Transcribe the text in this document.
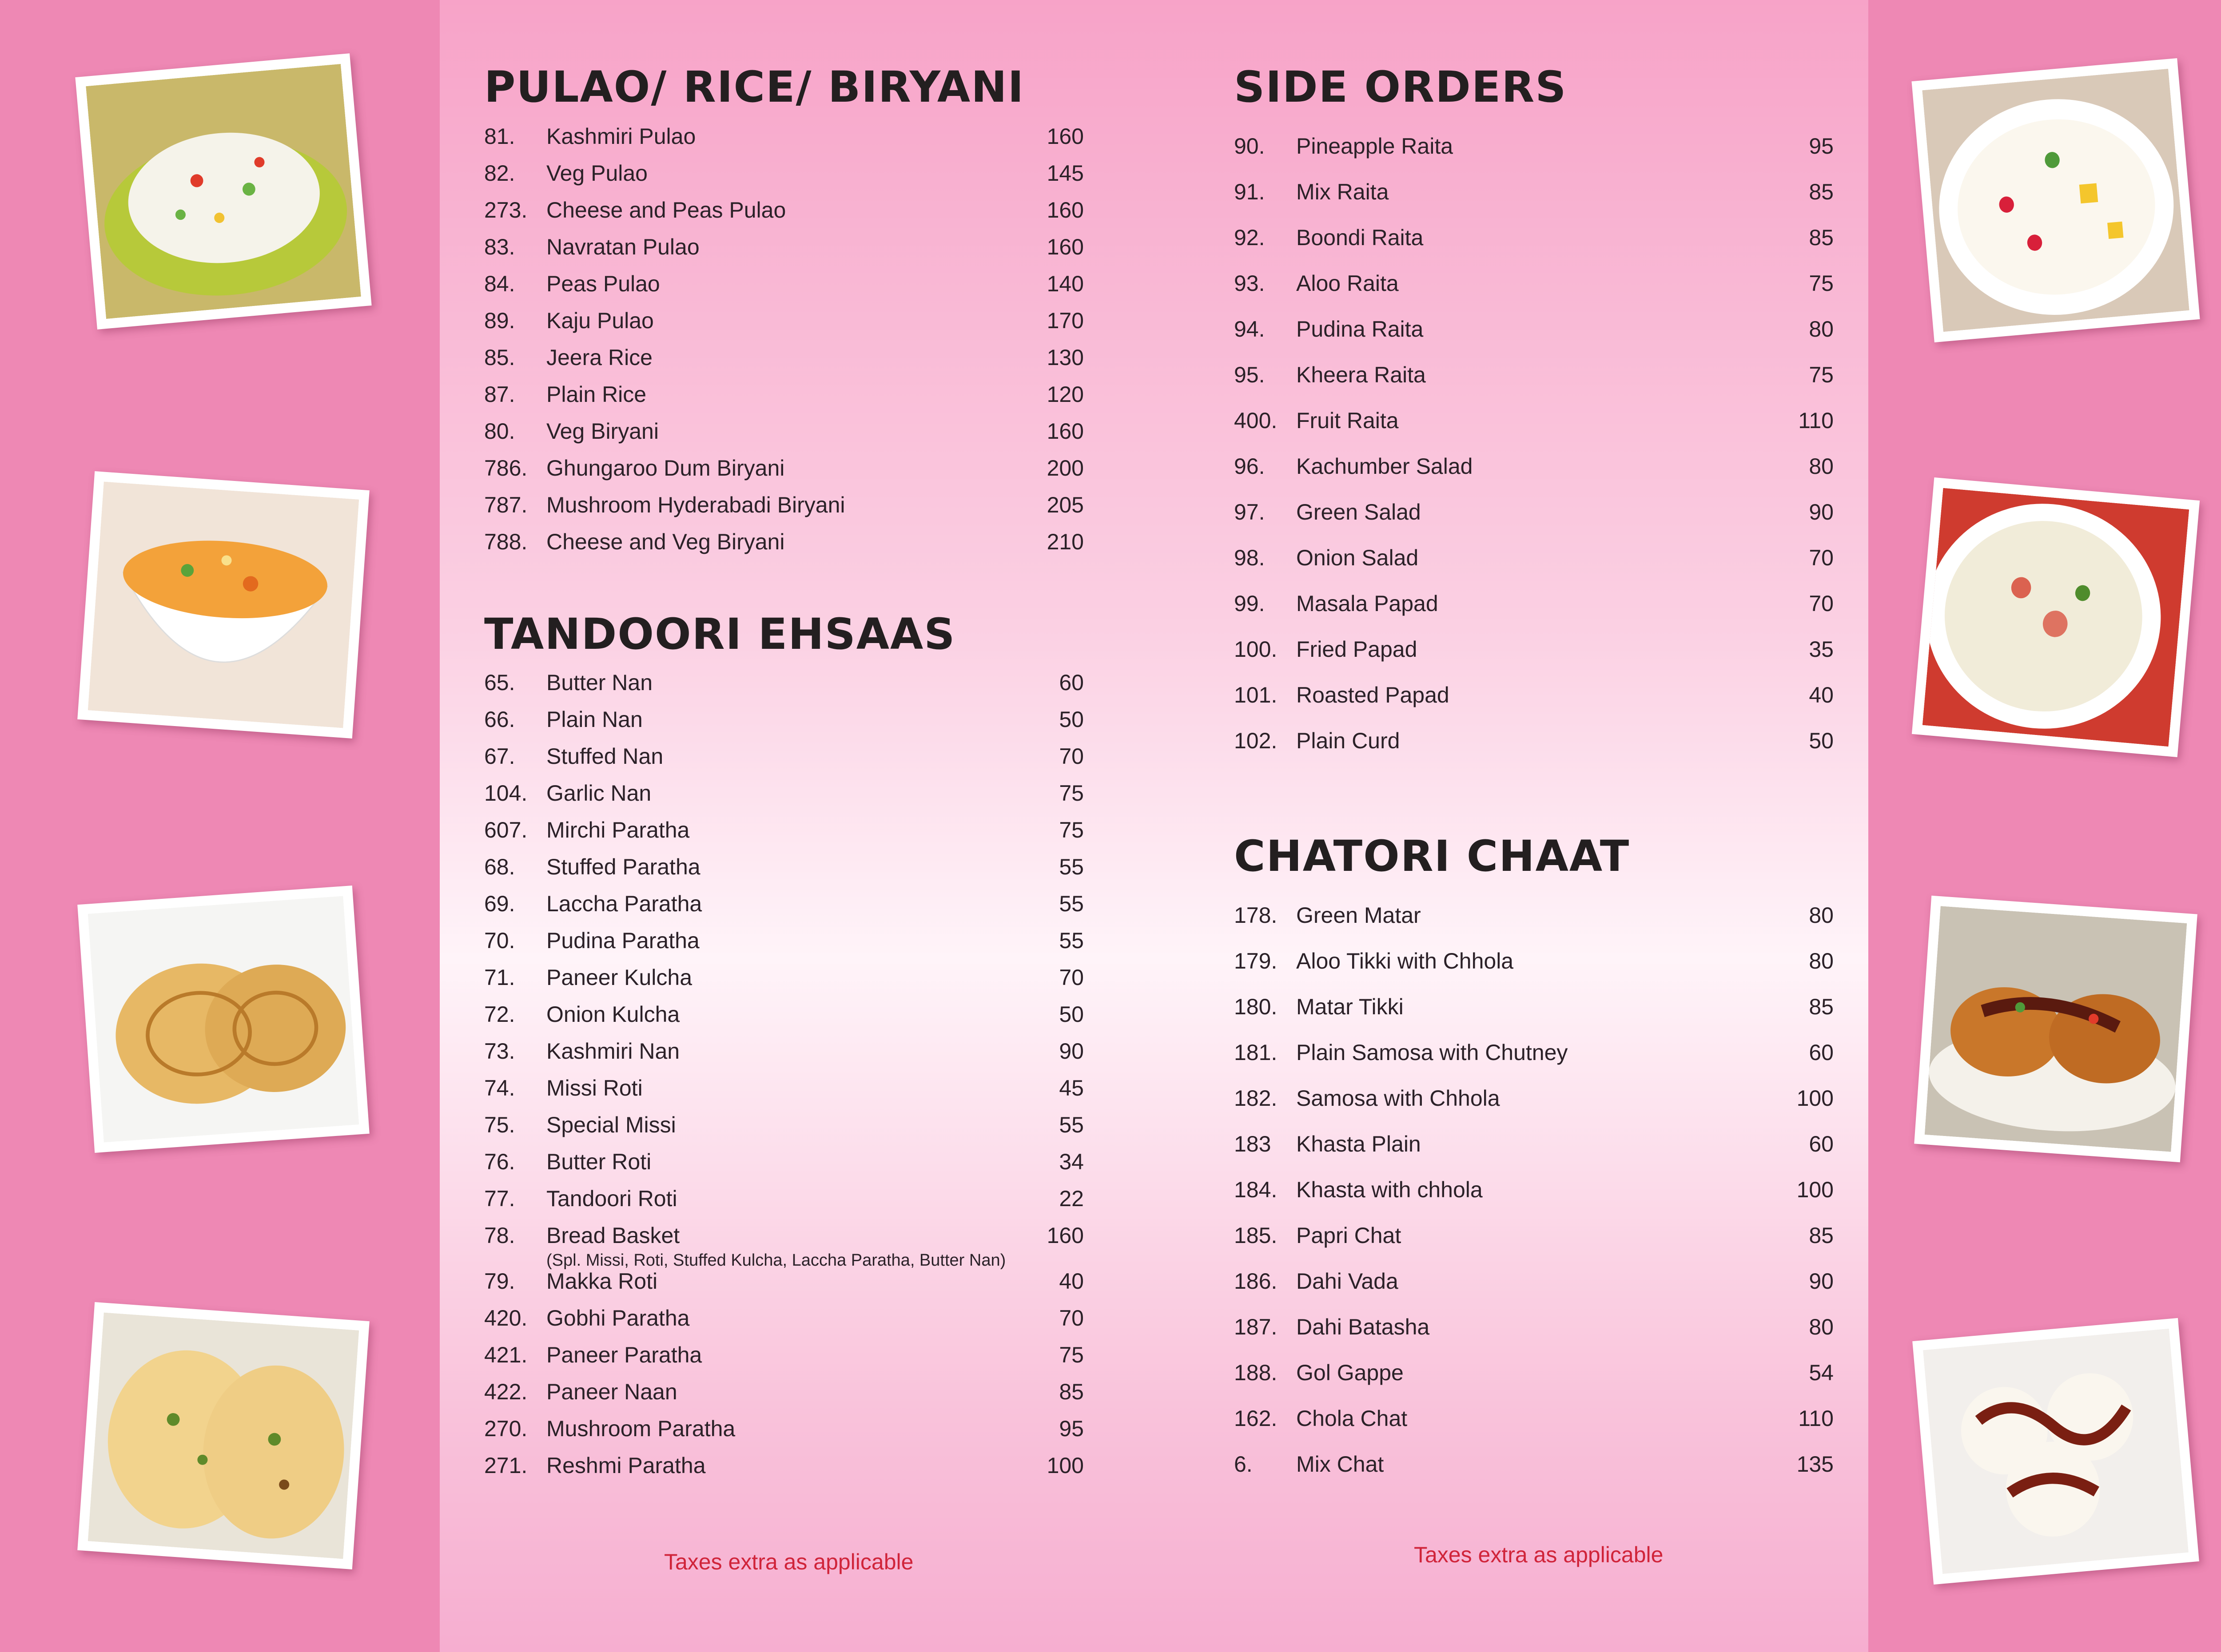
PULAO/ RICE/ BIRYANI
81. Kashmiri Pulao	160
82. Veg Pulao	145
273. Cheese and Peas Pulao	160
83. Navratan Pulao	160
84. Peas Pulao	140
89. Kaju Pulao	170
85. Jeera Rice	130
87. Plain Rice	120
80. Veg Biryani	160
786. Ghungaroo Dum Biryani	200
787. Mushroom Hyderabadi Biryani	205
788. Cheese and Veg Biryani	210
TANDOORI EHSAAS
65. Butter Nan	60
66. Plain Nan	50
67. Stuffed Nan	70
104. Garlic Nan	75
607. Mirchi Paratha	75
68. Stuffed Paratha	55
69. Laccha Paratha	55
70. Pudina Paratha	55
71. Paneer Kulcha	70
72. Onion Kulcha	50
73. Kashmiri Nan	90
74. Missi Roti	45
75. Special Missi	55
76. Butter Roti	34
77. Tandoori Roti	22
78. Bread Basket	160
(Spl. Missi, Roti, Stuffed Kulcha, Laccha Paratha, Butter Nan)
79. Makka Roti	40
420. Gobhi Paratha	70
421. Paneer Paratha	75
422. Paneer Naan	85
270. Mushroom Paratha	95
271. Reshmi Paratha	100
Taxes extra as applicable
SIDE ORDERS
90. Pineapple Raita	95
91. Mix Raita	85
92. Boondi Raita	85
93. Aloo Raita	75
94. Pudina Raita	80
95. Kheera Raita	75
400. Fruit Raita	110
96. Kachumber Salad	80
97. Green Salad	90
98. Onion Salad	70
99. Masala Papad	70
100. Fried Papad	35
101. Roasted Papad	40
102. Plain Curd	50
CHATORI CHAAT
178. Green Matar	80
179. Aloo Tikki with Chhola	80
180. Matar Tikki	85
181. Plain Samosa with Chutney	60
182. Samosa with Chhola	100
183 Khasta Plain	60
184. Khasta with chhola	100
185. Papri Chat	85
186. Dahi Vada	90
187. Dahi Batasha	80
188. Gol Gappe	54
162. Chola Chat	110
6. Mix Chat	135
Taxes extra as applicable
